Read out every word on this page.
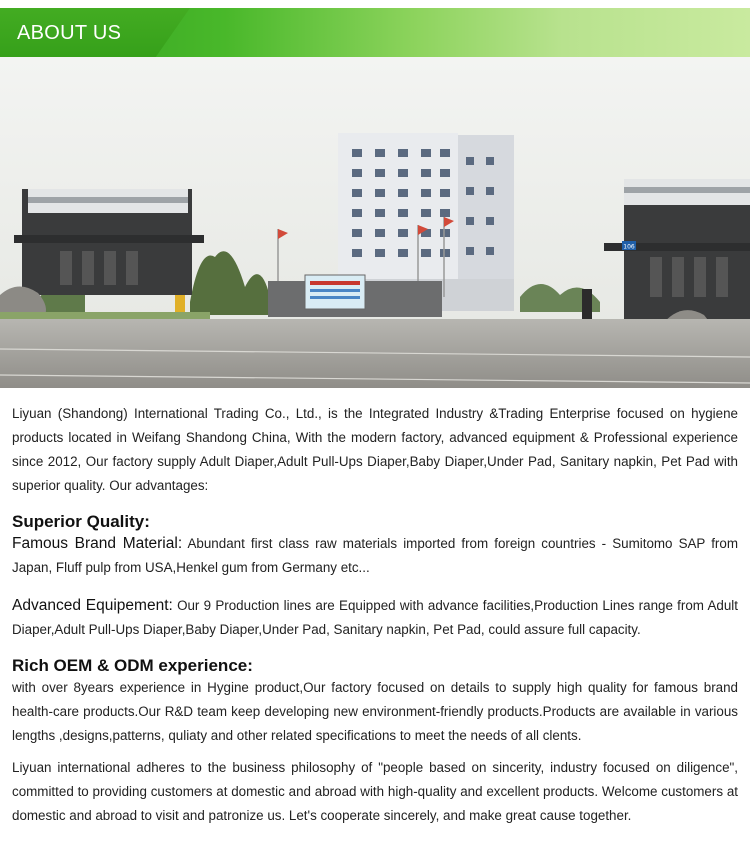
ABOUT US
106

Liyuan (Shandong) International Trading Co., Ltd., is the Integrated Industry &Trading Enterprise focused on hygiene products located in Weifang Shandong China, With the modern factory, advanced equipment & Professional experience since 2012, Our factory supply Adult Diaper,Adult Pull-Ups Diaper,Baby Diaper,Under Pad, Sanitary napkin, Pet Pad with superior quality. Our advantages:

Superior Quality:

Famous Brand Material: Abundant first class raw materials imported from foreign countries - Sumitomo SAP from Japan, Fluff pulp from USA,Henkel gum from Germany etc...

Advanced Equipement: Our 9 Production lines are Equipped with advance facilities,Production Lines range from Adult Diaper,Adult Pull-Ups Diaper,Baby Diaper,Under Pad, Sanitary napkin, Pet Pad, could assure full capacity.

Rich OEM & ODM experience:

with over 8years experience in Hygine product,Our factory focused on details to supply high quality for famous brand health-care products.Our R&D team keep developing new environment-friendly products.Products are available in various lengths ,designs,patterns, quliaty and other related specifications to meet the needs of all clents.

Liyuan international adheres to the business philosophy of "people based on sincerity, industry focused on diligence", committed to providing customers at domestic and abroad with high-quality and excellent products. Welcome customers at domestic and abroad to visit and patronize us. Let's cooperate sincerely, and make great cause together.
